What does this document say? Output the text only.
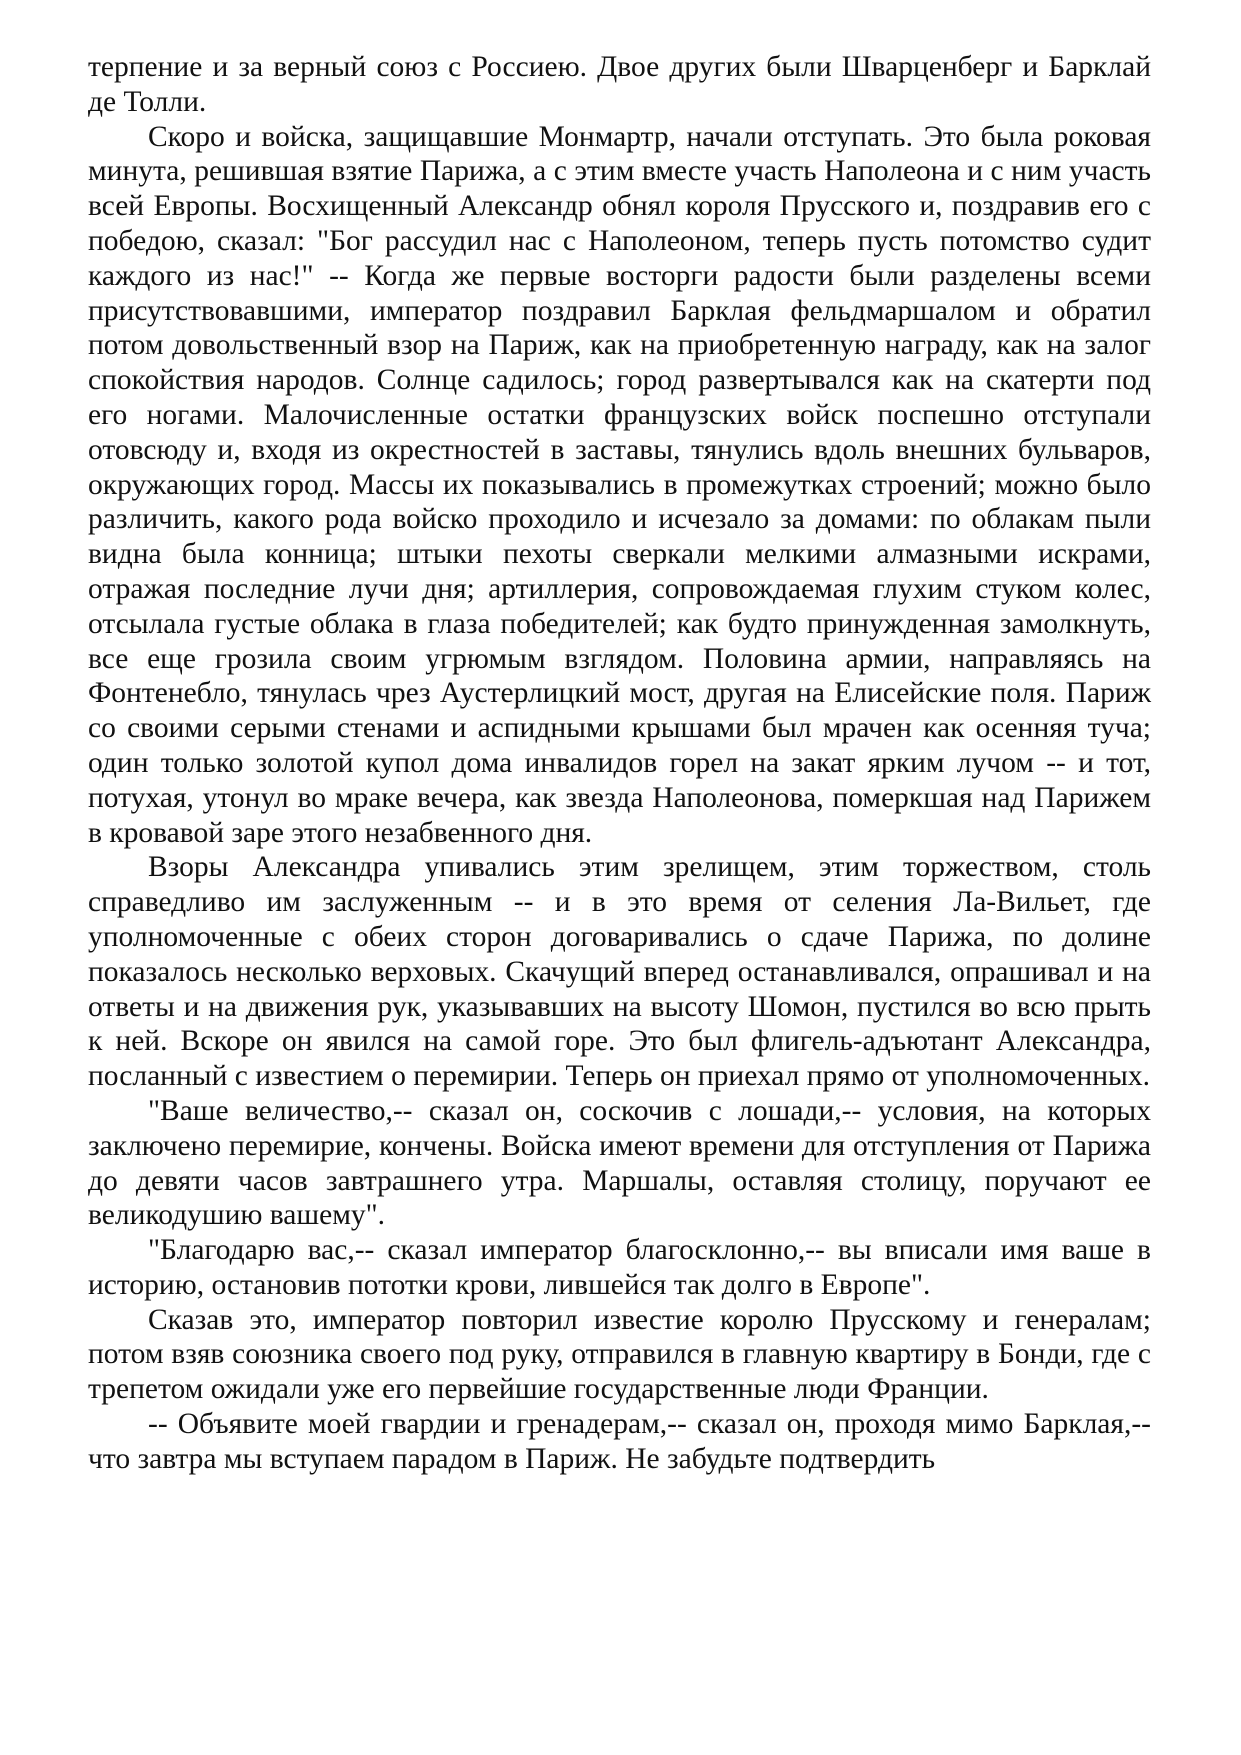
терпение и за верный союз с Россиею. Двое других были Шварценберг и Барклай де Толли.

Скоро и войска, защищавшие Монмартр, начали отступать. Это была роковая минута, решившая взятие Парижа, а с этим вместе участь Наполеона и с ним участь всей Европы. Восхищенный Александр обнял короля Прусского и, поздравив его с победою, сказал: "Бог рассудил нас с Наполеоном, теперь пусть потомство судит каждого из нас!" -- Когда же первые восторги радости были разделены всеми присутствовавшими, император поздравил Барклая фельдмаршалом и обратил потом довольственный взор на Париж, как на приобретенную награду, как на залог спокойствия народов. Солнце садилось; город развертывался как на скатерти под его ногами. Малочисленные остатки французских войск поспешно отступали отовсюду и, входя из окрестностей в заставы, тянулись вдоль внешних бульваров, окружающих город. Массы их показывались в промежутках строений; можно было различить, какого рода войско проходило и исчезало за домами: по облакам пыли видна была конница; штыки пехоты сверкали мелкими алмазными искрами, отражая последние лучи дня; артиллерия, сопровождаемая глухим стуком колес, отсылала густые облака в глаза победителей; как будто принужденная замолкнуть, все еще грозила своим угрюмым взглядом. Половина армии, направляясь на Фонтенебло, тянулась чрез Аустерлицкий мост, другая на Елисейские поля. Париж со своими серыми стенами и аспидными крышами был мрачен как осенняя туча; один только золотой купол дома инвалидов горел на закат ярким лучом -- и тот, потухая, утонул во мраке вечера, как звезда Наполеонова, померкшая над Парижем в кровавой заре этого незабвенного дня.

Взоры Александра упивались этим зрелищем, этим торжеством, столь справедливо им заслуженным -- и в это время от селения Ла-Вильет, где уполномоченные с обеих сторон договаривались о сдаче Парижа, по долине показалось несколько верховых. Скачущий вперед останавливался, опрашивал и на ответы и на движения рук, указывавших на высоту Шомон, пустился во всю прыть к ней. Вскоре он явился на самой горе. Это был флигель-адъютант Александра, посланный с известием о перемирии. Теперь он приехал прямо от уполномоченных.

"Ваше величество,-- сказал он, соскочив с лошади,-- условия, на которых заключено перемирие, кончены. Войска имеют времени для отступления от Парижа до девяти часов завтрашнего утра. Маршалы, оставляя столицу, поручают ее великодушию вашему".

"Благодарю вас,-- сказал император благосклонно,-- вы вписали имя ваше в историю, остановив пототки крови, лившейся так долго в Европе".

Сказав это, император повторил известие королю Прусскому и генералам; потом взяв союзника своего под руку, отправился в главную квартиру в Бонди, где с трепетом ожидали уже его первейшие государственные люди Франции.

-- Объявите моей гвардии и гренадерам,-- сказал он, проходя мимо Барклая,-- что завтра мы вступаем парадом в Париж. Не забудьте подтвердить
